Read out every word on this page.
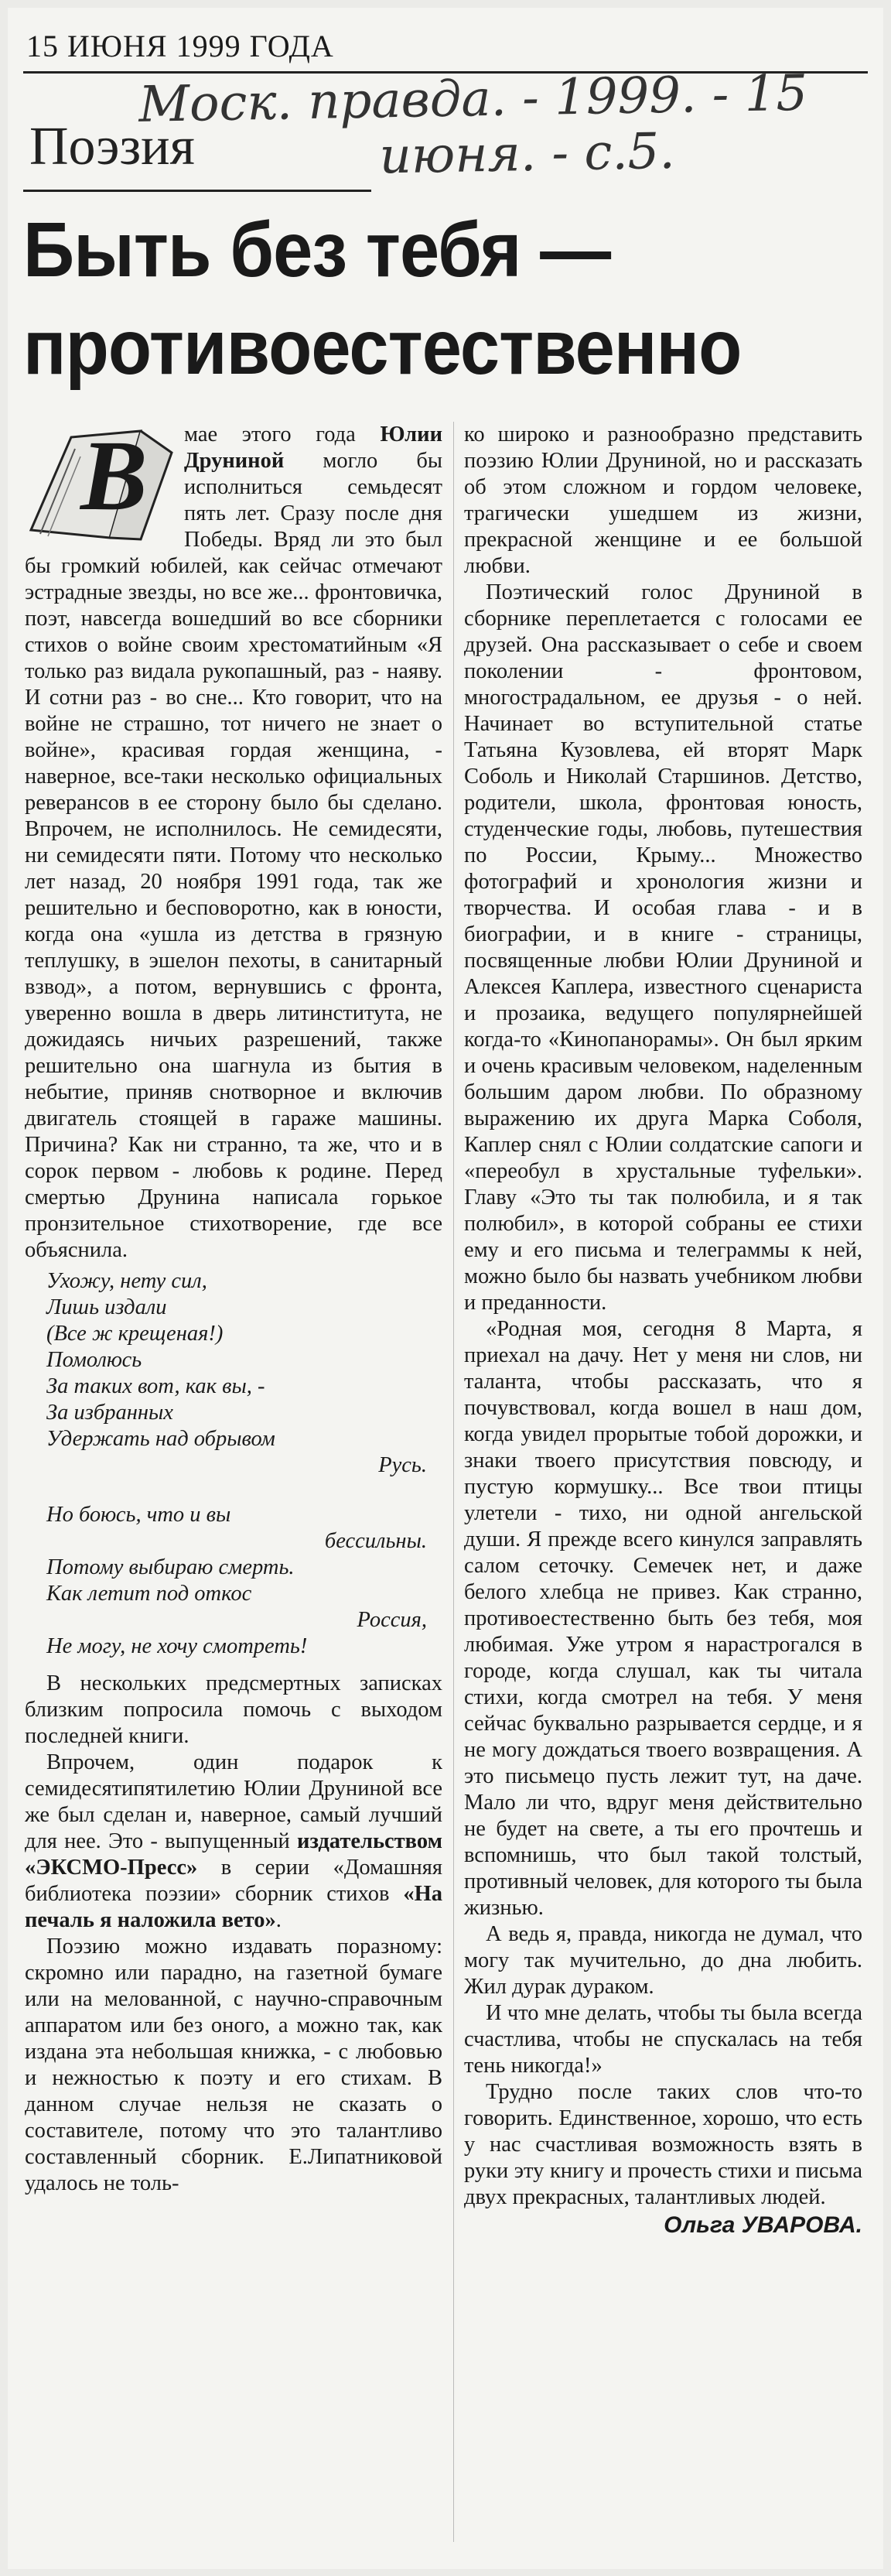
15 ИЮНЯ 1999 ГОДА
Моск. правда. - 1999. - 15
июня. - с.5.
Поэзия
Быть без тебя —
противоестественно
В	мае этого года Юлии Друниной могло бы исполниться семьдесят пять лет. Сразу после дня Победы. Вряд ли это был бы громкий юбилей, как сейчас отмечают эстрадные звезды, но все же... фронтовичка, поэт, навсегда вошедший во все сборники стихов о войне своим хрестоматийным «Я только раз видала рукопашный, раз - наяву. И сотни раз - во сне... Кто говорит, что на войне не страшно, тот ничего не знает о войне», красивая гордая женщина, - наверное, все-таки несколько официальных реверансов в ее сторону было бы сделано. Впрочем, не исполнилось. Не семидесяти, ни семидесяти пяти. Потому что несколько лет назад, 20 ноября 1991 года, так же решительно и бесповоротно, как в юности, когда она «ушла из детства в грязную теплушку, в эшелон пехоты, в санитарный взвод», а потом, вернувшись с фронта, уверенно вошла в дверь литинститута, не дожидаясь ничьих разрешений, также решительно она шагнула из бытия в небытие, приняв снотворное и включив двигатель стоящей в гараже машины. Причина? Как ни странно, та же, что и в сорок первом - любовь к родине. Перед смертью Друнина написала горькое пронзительное стихотворение, где все объяснила.

Ухожу, нету сил,
Лишь издали
(Все ж крещеная!)
Помолюсь
За таких вот, как вы, -
За избранных
Удержать над обрывом
Русь.
Но боюсь, что и вы
бессильны.
Потому выбираю смерть.
Как летит под откос
Россия,
Не могу, не хочу смотреть!

В нескольких предсмертных записках близким попросила помочь с выходом последней книги.

Впрочем, один подарок к семидесятипятилетию Юлии Друниной все же был сделан и, наверное, самый лучший для нее. Это - выпущенный издательством «ЭКСМО-Пресс» в серии «Домашняя библиотека поэзии» сборник стихов «На печаль я наложила вето».

Поэзию можно издавать поразному: скромно или парадно, на газетной бумаге или на мелованной, с научно-справочным аппаратом или без оного, а можно так, как издана эта небольшая книжка, - с любовью и нежностью к поэту и его стихам. В данном случае нельзя не сказать о составителе, потому что это талантливо составленный сборник. Е.Липатниковой удалось не толь-

ко широко и разнообразно представить поэзию Юлии Друниной, но и рассказать об этом сложном и гордом человеке, трагически ушедшем из жизни, прекрасной женщине и ее большой любви.

Поэтический голос Друниной в сборнике переплетается с голосами ее друзей. Она рассказывает о себе и своем поколении - фронтовом, многострадальном, ее друзья - о ней. Начинает во вступительной статье Татьяна Кузовлева, ей вторят Марк Соболь и Николай Старшинов. Детство, родители, школа, фронтовая юность, студенческие годы, любовь, путешествия по России, Крыму... Множество фотографий и хронология жизни и творчества. И особая глава - и в биографии, и в книге - страницы, посвященные любви Юлии Друниной и Алексея Каплера, известного сценариста и прозаика, ведущего популярнейшей когда-то «Кинопанорамы». Он был ярким и очень красивым человеком, наделенным большим даром любви. По образному выражению их друга Марка Соболя, Каплер снял с Юлии солдатские сапоги и «переобул в хрустальные туфельки». Главу «Это ты так полюбила, и я так полюбил», в которой собраны ее стихи ему и его письма и телеграммы к ней, можно было бы назвать учебником любви и преданности.

«Родная моя, сегодня 8 Марта, я приехал на дачу. Нет у меня ни слов, ни таланта, чтобы рассказать, что я почувствовал, когда вошел в наш дом, когда увидел прорытые тобой дорожки, и знаки твоего присутствия повсюду, и пустую кормушку... Все твои птицы улетели - тихо, ни одной ангельской души. Я прежде всего кинулся заправлять салом сеточку. Семечек нет, и даже белого хлебца не привез. Как странно, противоестественно быть без тебя, моя любимая. Уже утром я нарастрогался в городе, когда слушал, как ты читала стихи, когда смотрел на тебя. У меня сейчас буквально разрывается сердце, и я не могу дождаться твоего возвращения. А это письмецо пусть лежит тут, на даче. Мало ли что, вдруг меня действительно не будет на свете, а ты его прочтешь и вспомнишь, что был такой толстый, противный человек, для которого ты была жизнью.

А ведь я, правда, никогда не думал, что могу так мучительно, до дна любить. Жил дурак дураком.

И что мне делать, чтобы ты была всегда счастлива, чтобы не спускалась на тебя тень никогда!»

Трудно после таких слов что-то говорить. Единственное, хорошо, что есть у нас счастливая возможность взять в руки эту книгу и прочесть стихи и письма двух прекрасных, талантливых людей.

Ольга УВАРОВА.
